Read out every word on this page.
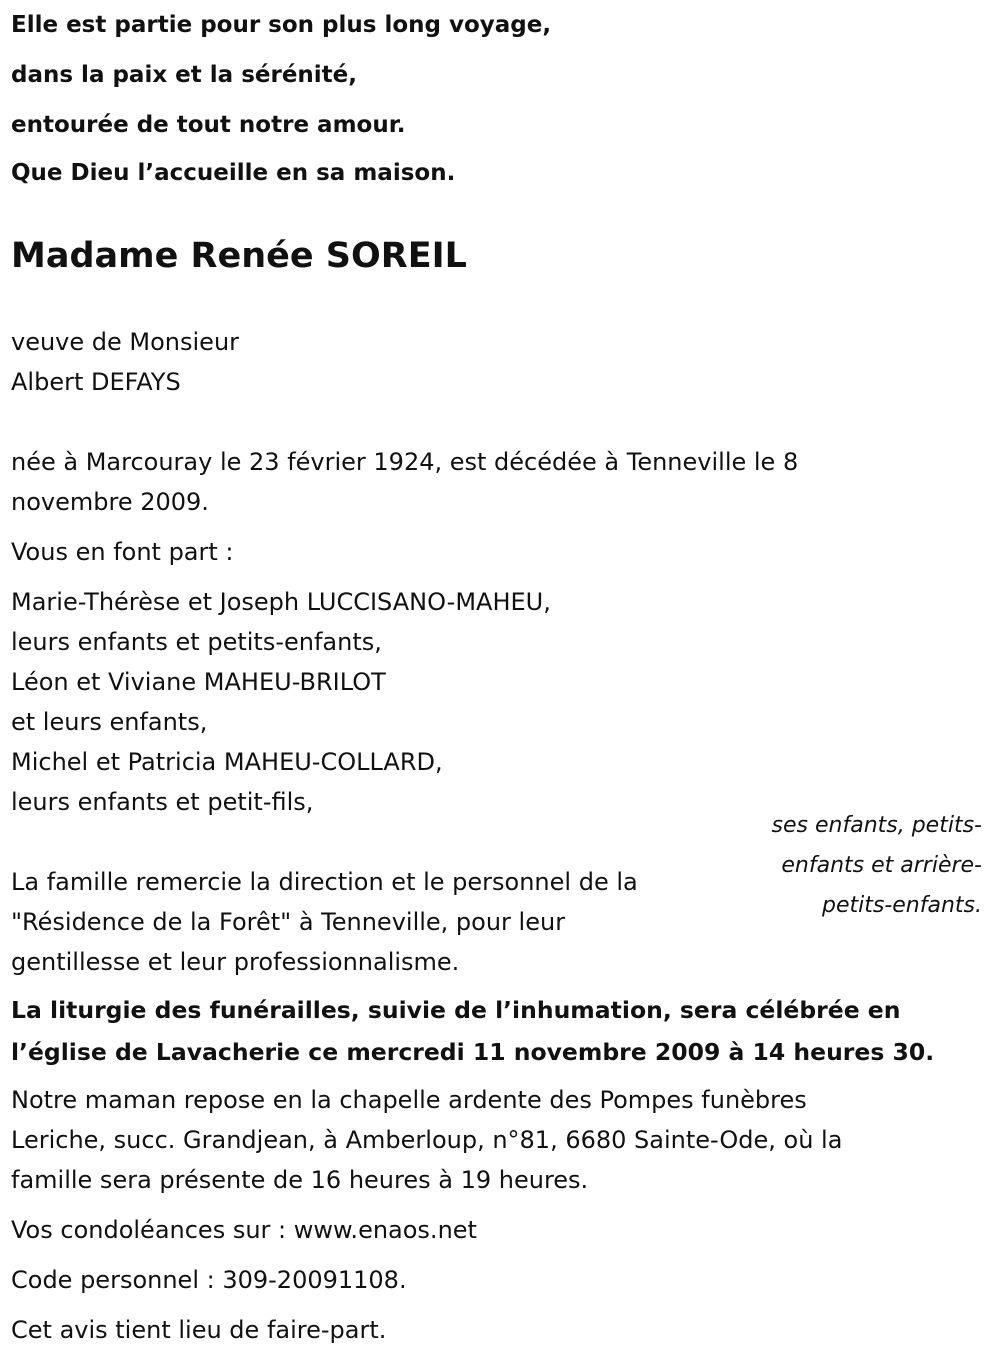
Elle est partie pour son plus long voyage,
dans la paix et la sérénité,
entourée de tout notre amour.
Que Dieu l’accueille en sa maison.
Madame Renée SOREIL
veuve de Monsieur
Albert DEFAYS
née à Marcouray le 23 février 1924, est décédée à Tenneville le 8
novembre 2009.
Vous en font part :
Marie-Thérèse et Joseph LUCCISANO-MAHEU,
leurs enfants et petits-enfants,
Léon et Viviane MAHEU-BRILOT
et leurs enfants,
Michel et Patricia MAHEU-COLLARD,
leurs enfants et petit-fils,
ses enfants, petits-
enfants et arrière-
petits-enfants.
La famille remercie la direction et le personnel de la
"Résidence de la Forêt" à Tenneville, pour leur
gentillesse et leur professionnalisme.
La liturgie des funérailles, suivie de l’inhumation, sera célébrée en
l’église de Lavacherie ce mercredi 11 novembre 2009 à 14 heures 30.
Notre maman repose en la chapelle ardente des Pompes funèbres
Leriche, succ. Grandjean, à Amberloup, n°81, 6680 Sainte-Ode, où la
famille sera présente de 16 heures à 19 heures.
Vos condoléances sur : www.enaos.net
Code personnel : 309-20091108.
Cet avis tient lieu de faire-part.
